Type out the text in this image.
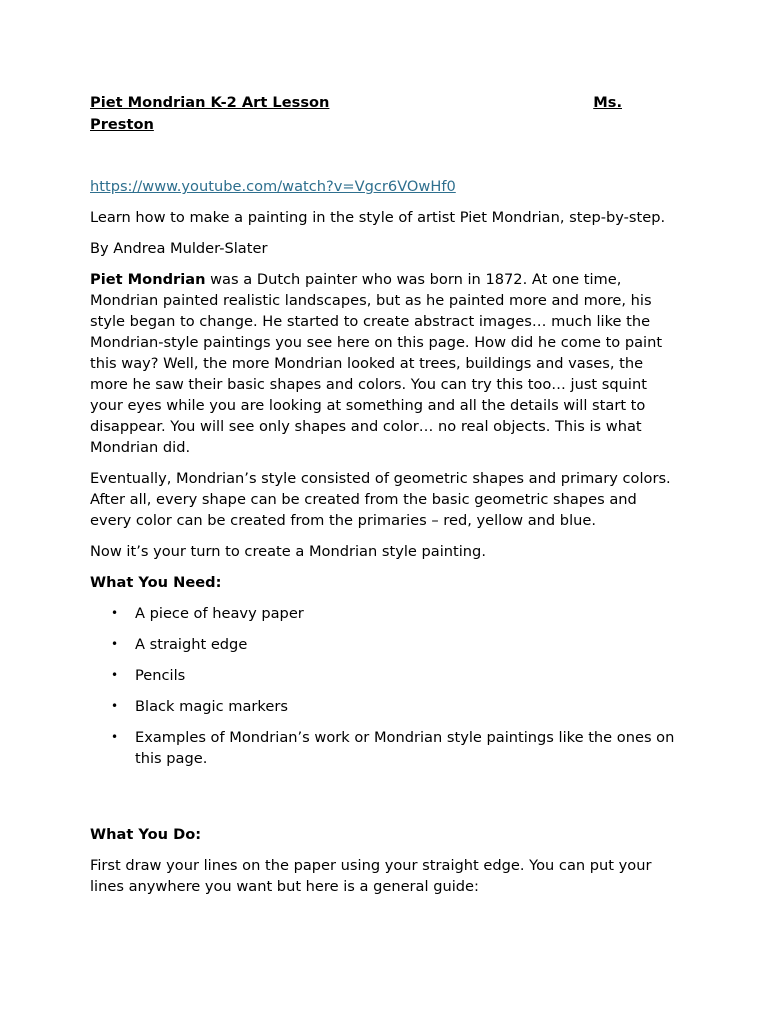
Piet Mondrian K-2 Art Lesson	Ms.
Preston

https://www.youtube.com/watch?v=Vgcr6VOwHf0

Learn how to make a painting in the style of artist Piet Mondrian, step-by-step.

By Andrea Mulder-Slater

Piet Mondrian was a Dutch painter who was born in 1872. At one time, Mondrian painted realistic landscapes, but as he painted more and more, his style began to change. He started to create abstract images… much like the Mondrian-style paintings you see here on this page. How did he come to paint this way? Well, the more Mondrian looked at trees, buildings and vases, the more he saw their basic shapes and colors. You can try this too… just squint your eyes while you are looking at something and all the details will start to disappear. You will see only shapes and color… no real objects. This is what Mondrian did.

Eventually, Mondrian’s style consisted of geometric shapes and primary colors. After all, every shape can be created from the basic geometric shapes and every color can be created from the primaries – red, yellow and blue.

Now it’s your turn to create a Mondrian style painting.

What You Need:

• A piece of heavy paper
• A straight edge
• Pencils
• Black magic markers
• Examples of Mondrian’s work or Mondrian style paintings like the ones on this page.

What You Do:

First draw your lines on the paper using your straight edge. You can put your lines anywhere you want but here is a general guide:
